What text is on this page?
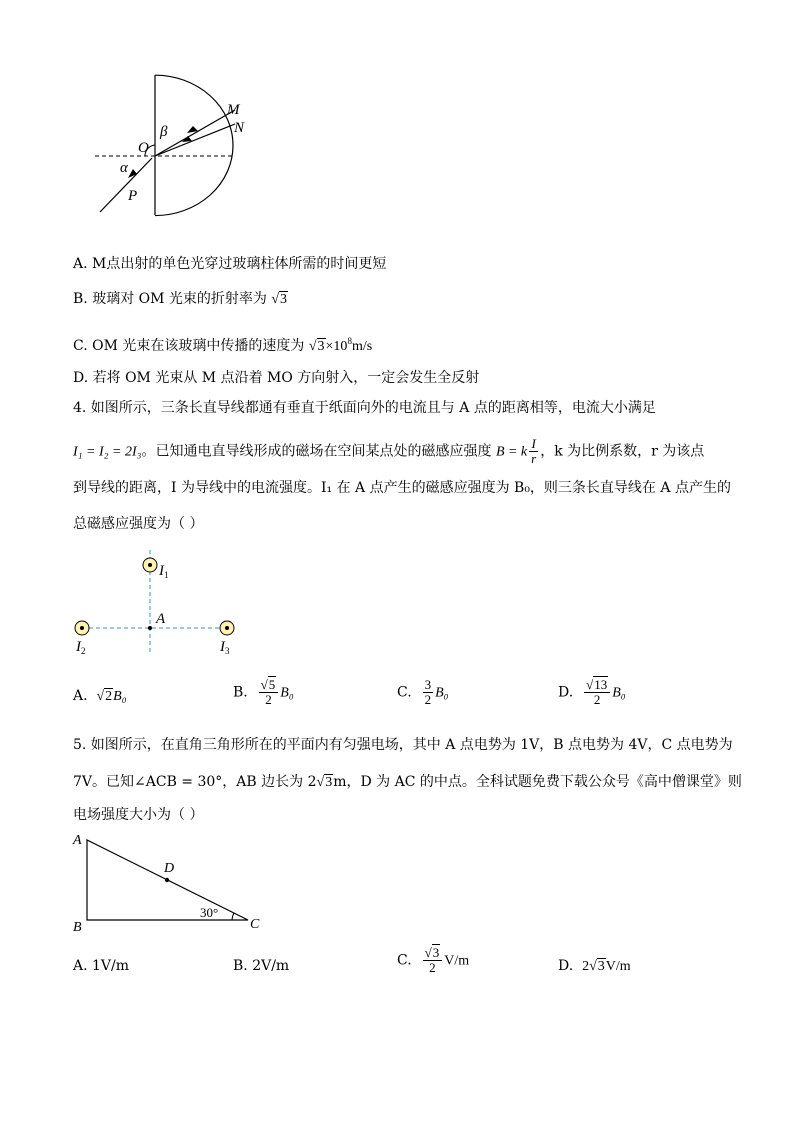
M
N
O
β
α
P
A. M点出射的单色光穿过玻璃柱体所需的时间更短
B. 玻璃对 OM 光束的折射率为 √3
C. OM 光束在该玻璃中传播的速度为 $√3\times 10^8m/s$
D. 若将 OM 光束从 M 点沿着 MO 方向射入，一定会发生全反射
4. 如图所示，三条长直导线都通有垂直于纸面向外的电流且与 A 点的距离相等，电流大小满足
I₁ = I₂ = 2I₃。已知通电直导线形成的磁场在空间某点处的磁感应强度 B = k $\frac{I}{r}$ ，k 为比例系数，r 为该点
到导线的距离，I 为导线中的电流强度。I₁ 在 A 点产生的磁感应强度为 B₀，则三条长直导线在 A 点产生的
总磁感应强度为（ ）
$I_1$
A
$I_2$	$I_3$
A. √2B₀	B. $\frac{√5}{2} B_0$	C. $\frac{3}{2} B_0$	D. $\frac{√13}{2} B_0$
5. 如图所示，在直角三角形所在的平面内有匀强电场，其中 A 点电势为 1V，B 点电势为 4V，C 点电势为
7V。已知∠ACB = 30°，AB 边长为 2√3m，D 为 AC 的中点。全科试题免费下载公众号《高中僧课堂》则
电场强度大小为（ ）
A
B	C
D
30°
A. 1V/m	B. 2V/m	C. $\frac{√3}{2} V/m$	D. 2√3V/m
